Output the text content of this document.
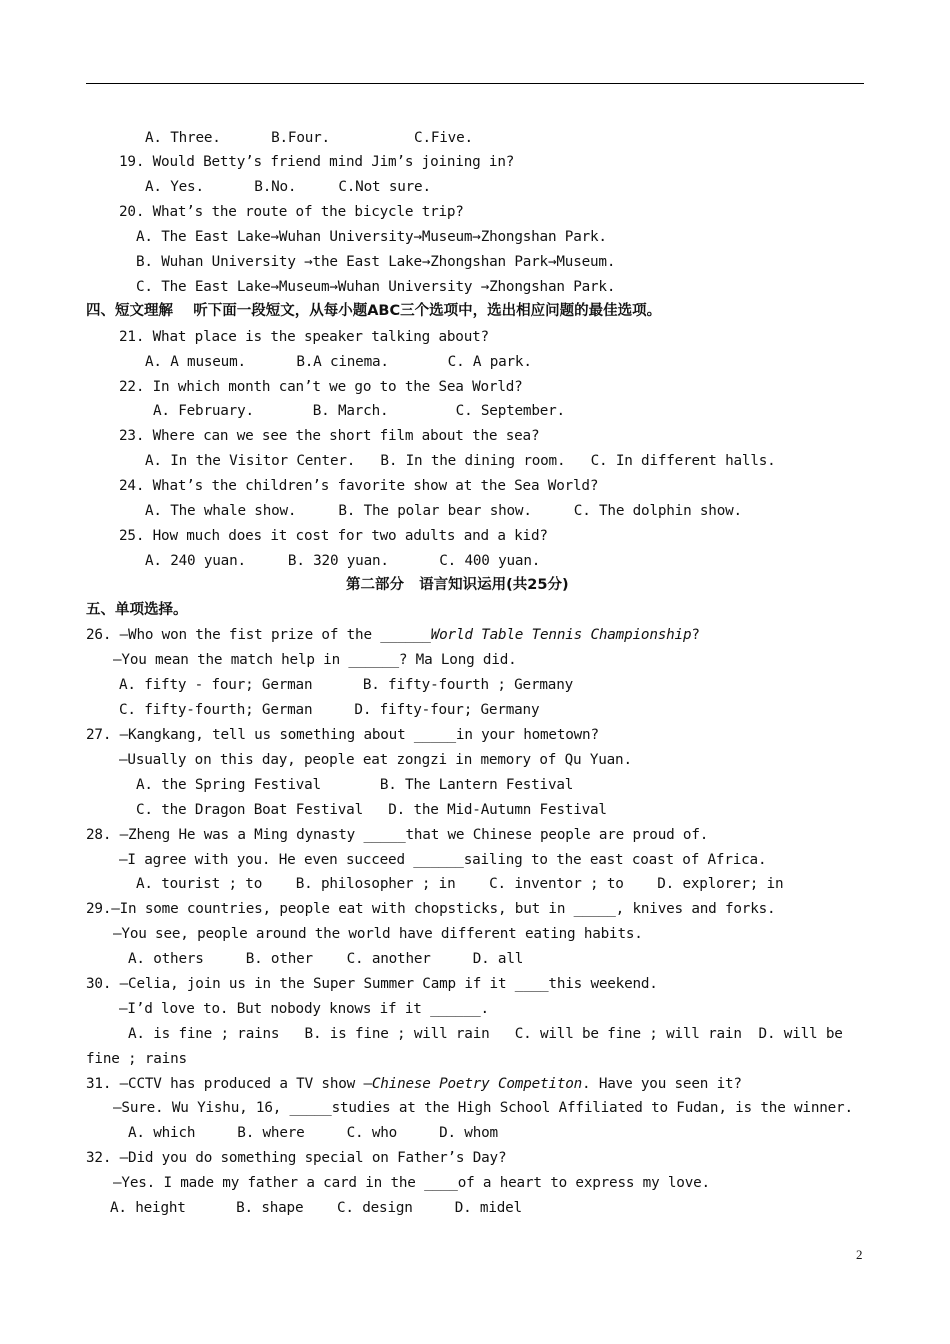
A. Three.      B.Four.          C.Five.
19. Would Betty’s friend mind Jim’s joining in?
A. Yes.      B.No.     C.Not sure.
20. What’s the route of the bicycle trip?
A. The East Lake→Wuhan University→Museum→Zhongshan Park.
B. Wuhan University →the East Lake→Zhongshan Park→Museum.
C. The East Lake→Museum→Wuhan University →Zhongshan Park.
四、短文理解    听下面一段短文，从每小题ABC三个选项中，选出相应问题的最佳选项。
21. What place is the speaker talking about?
A. A museum.      B.A cinema.       C. A park.
22. In which month can’t we go to the Sea World?
A. February.       B. March.        C. September.
23. Where can we see the short film about the sea?
A. In the Visitor Center.   B. In the dining room.   C. In different halls.
24. What’s the children’s favorite show at the Sea World?
A. The whale show.     B. The polar bear show.     C. The dolphin show.
25. How much does it cost for two adults and a kid?
A. 240 yuan.     B. 320 yuan.      C. 400 yuan.
第二部分   语言知识运用(共25分)
五、单项选择。
26. —Who won the fist prize of the ______World Table Tennis Championship?
—You mean the match help in ______? Ma Long did.
A. fifty - four; German      B. fifty-fourth ; Germany
C. fifty-fourth; German     D. fifty-four; Germany
27. —Kangkang, tell us something about _____in your hometown?
—Usually on this day, people eat zongzi in memory of Qu Yuan.
A. the Spring Festival       B. The Lantern Festival
C. the Dragon Boat Festival   D. the Mid-Autumn Festival
28. —Zheng He was a Ming dynasty _____that we Chinese people are proud of.
—I agree with you. He even succeed ______sailing to the east coast of Africa.
A. tourist ; to    B. philosopher ; in    C. inventor ; to    D. explorer; in
29.—In some countries, people eat with chopsticks, but in _____, knives and forks.
—You see, people around the world have different eating habits.
A. others     B. other    C. another     D. all
30. —Celia, join us in the Super Summer Camp if it ____this weekend.
—I’d love to. But nobody knows if it ______.
A. is fine ; rains   B. is fine ; will rain   C. will be fine ; will rain  D. will be
fine ; rains
31. —CCTV has produced a TV show —Chinese Poetry Competiton. Have you seen it?
—Sure. Wu Yishu, 16, _____studies at the High School Affiliated to Fudan, is the winner.
A. which     B. where     C. who     D. whom
32. —Did you do something special on Father’s Day?
—Yes. I made my father a card in the ____of a heart to express my love.
A. height      B. shape    C. design     D. midel
2
